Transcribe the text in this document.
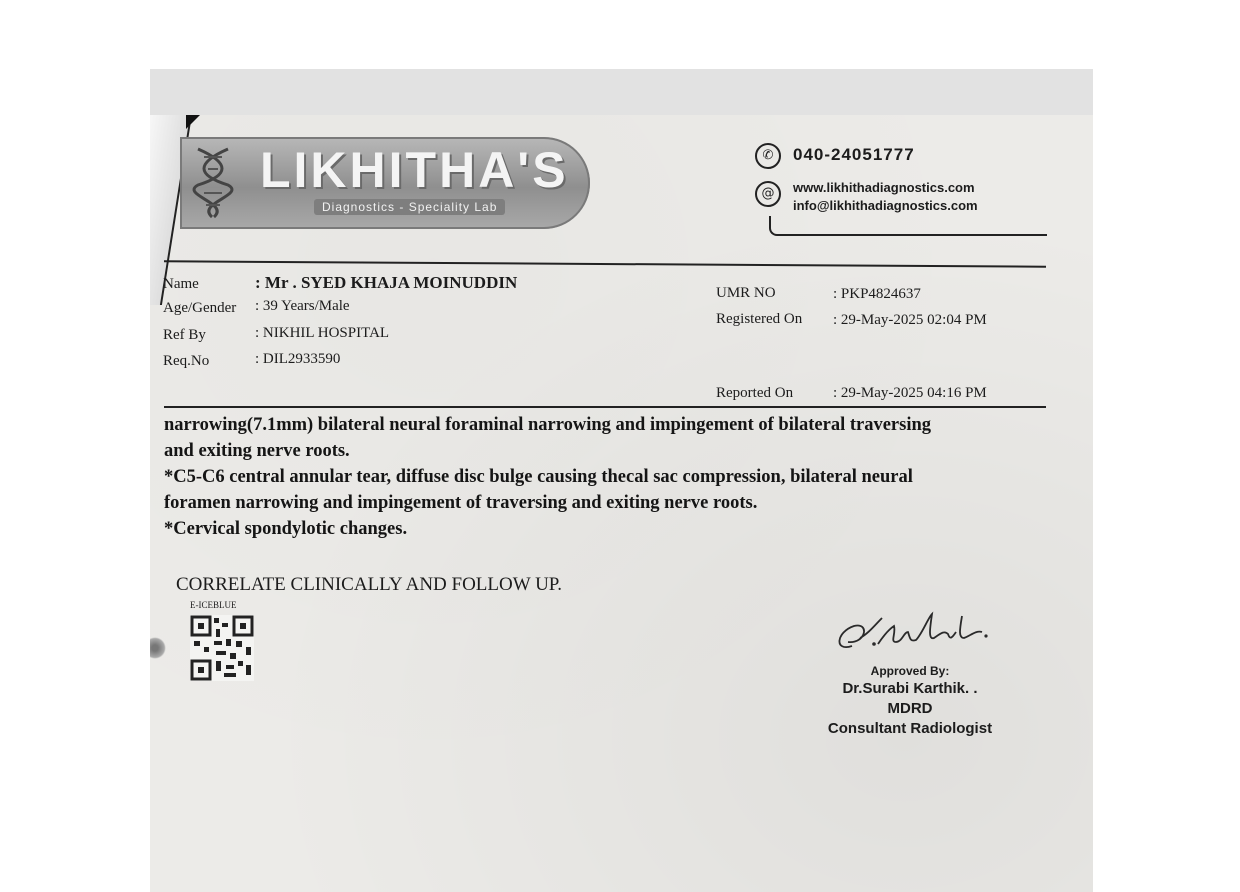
LIKHITHA'S
Diagnostics - Speciality Lab
✆	040-24051777
@	www.likhithadiagnostics.com
info@likhithadiagnostics.com
Name	: Mr . SYED KHAJA MOINUDDIN
Age/Gender : 39 Years/Male
Ref By	: NIKHIL HOSPITAL
Req.No	: DIL2933590
UMR NO	: PKP4824637
Registered On : 29-May-2025 02:04 PM
Reported On	: 29-May-2025 04:16 PM
narrowing(7.1mm) bilateral neural foraminal narrowing and impingement of bilateral traversing
and exiting nerve roots.
*C5-C6 central annular tear, diffuse disc bulge causing thecal sac compression, bilateral neural
foramen narrowing and impingement of traversing and exiting nerve roots.
*Cervical spondylotic changes.
CORRELATE CLINICALLY AND FOLLOW UP.
E-ICEBLUE
Approved By:
Dr.Surabi Karthik. .
MDRD
Consultant Radiologist
